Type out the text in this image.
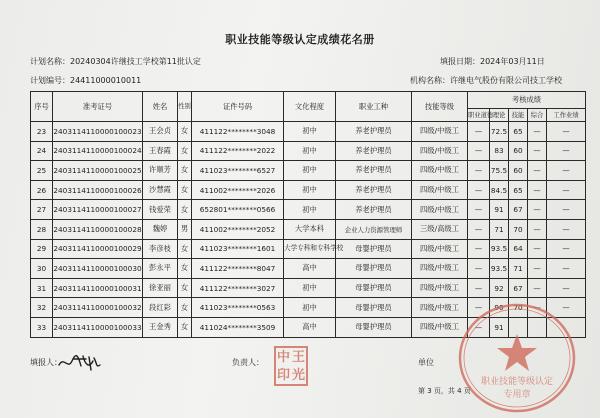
职业技能等级认定成绩花名册
计划名称：20240304许继技工学校第11批认定	填报日期：2024年03月11日
计划编号：24411000010011	机构名称：许继电气股份有限公司技工学校
序号	准考证号	姓名	性别	证件号码	文化程度	职业工种	技能等级	考核成绩				
								职业道德	理论	技能	综合	工作业绩
23	2403114110000100023	王会贞	女	411122********3048	初中	养老护理员	四级/中级工	—	72.5	65	—	—
24	2403114110000100024	王春霞	女	411122********2022	初中	养老护理员	四级/中级工	—	83	60	—	—
25	2403114110000100025	许顺芳	女	411023********6527	初中	养老护理员	四级/中级工	—	75.5	60	—	—
26	2403114110000100026	沙慧霞	女	411002********2026	初中	养老护理员	四级/中级工	—	84.5	65	—	—
27	2403114110000100027	钱爱荣	女	652801********0566	初中	养老护理员	四级/中级工	—	91	67	—	—
28	2403114110000100028	魏婷	男	411002********2052	大学本科	企业人力资源管理师	三级/高级工	—	71	70	—	—
29	2403114110000100029	李彦枝	女	411023********1601	大学专科和专科学校	母婴护理员	四级/中级工	—	93.5	64	—	—
30	2403114110000100030	彭永平	女	411122********8047	高中	母婴护理员	四级/中级工	—	93.5	71	—	—
31	2403114110000100031	徐亚丽	女	411122********3027	初中	母婴护理员	四级/中级工	—	92	67	—	—
32	2403114110000100032	段红彩	女	411023********0563	初中	母婴护理员	四级/中级工	—	90	70	—	—
33	2403114110000100033	王金秀	女	411024********3509	高中	母婴护理员	四级/中级工	—	91			
填报人：	负责人： 中 王
印 光
单位
第 3 页，共 4 页
职业技能等级认定
专用章
